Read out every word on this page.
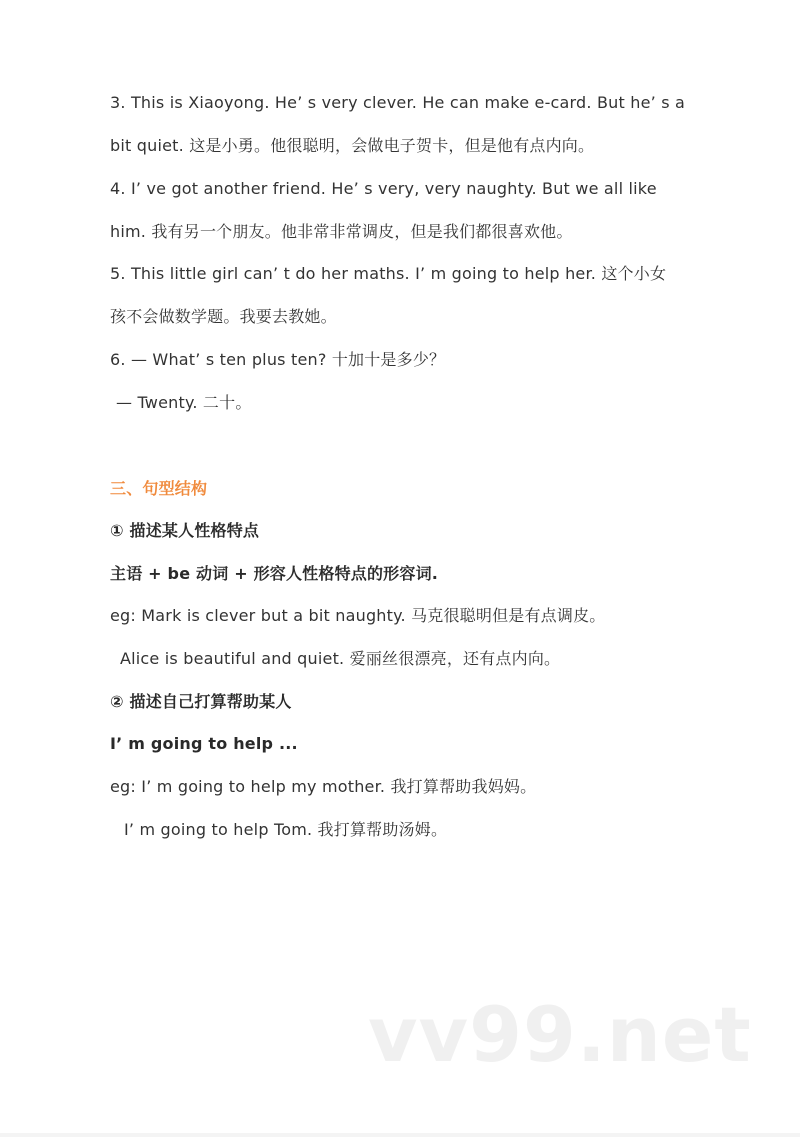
3. This is Xiaoyong. He’ s very clever. He can make e-card. But he’ s a
bit quiet. 这是小勇。他很聪明，会做电子贺卡，但是他有点内向。
4. I’ ve got another friend. He’ s very, very naughty. But we all like
him. 我有另一个朋友。他非常非常调皮，但是我们都很喜欢他。
5. This little girl can’ t do her maths. I’ m going to help her. 这个小女
孩不会做数学题。我要去教她。
6. — What’ s ten plus ten? 十加十是多少？
— Twenty. 二十。
三、句型结构
① 描述某人性格特点
主语 + be 动词 + 形容人性格特点的形容词.
eg: Mark is clever but a bit naughty. 马克很聪明但是有点调皮。
Alice is beautiful and quiet. 爱丽丝很漂亮，还有点内向。
② 描述自己打算帮助某人
I’ m going to help ...
eg: I’ m going to help my mother. 我打算帮助我妈妈。
I’ m going to help Tom. 我打算帮助汤姆。
vv99.net
